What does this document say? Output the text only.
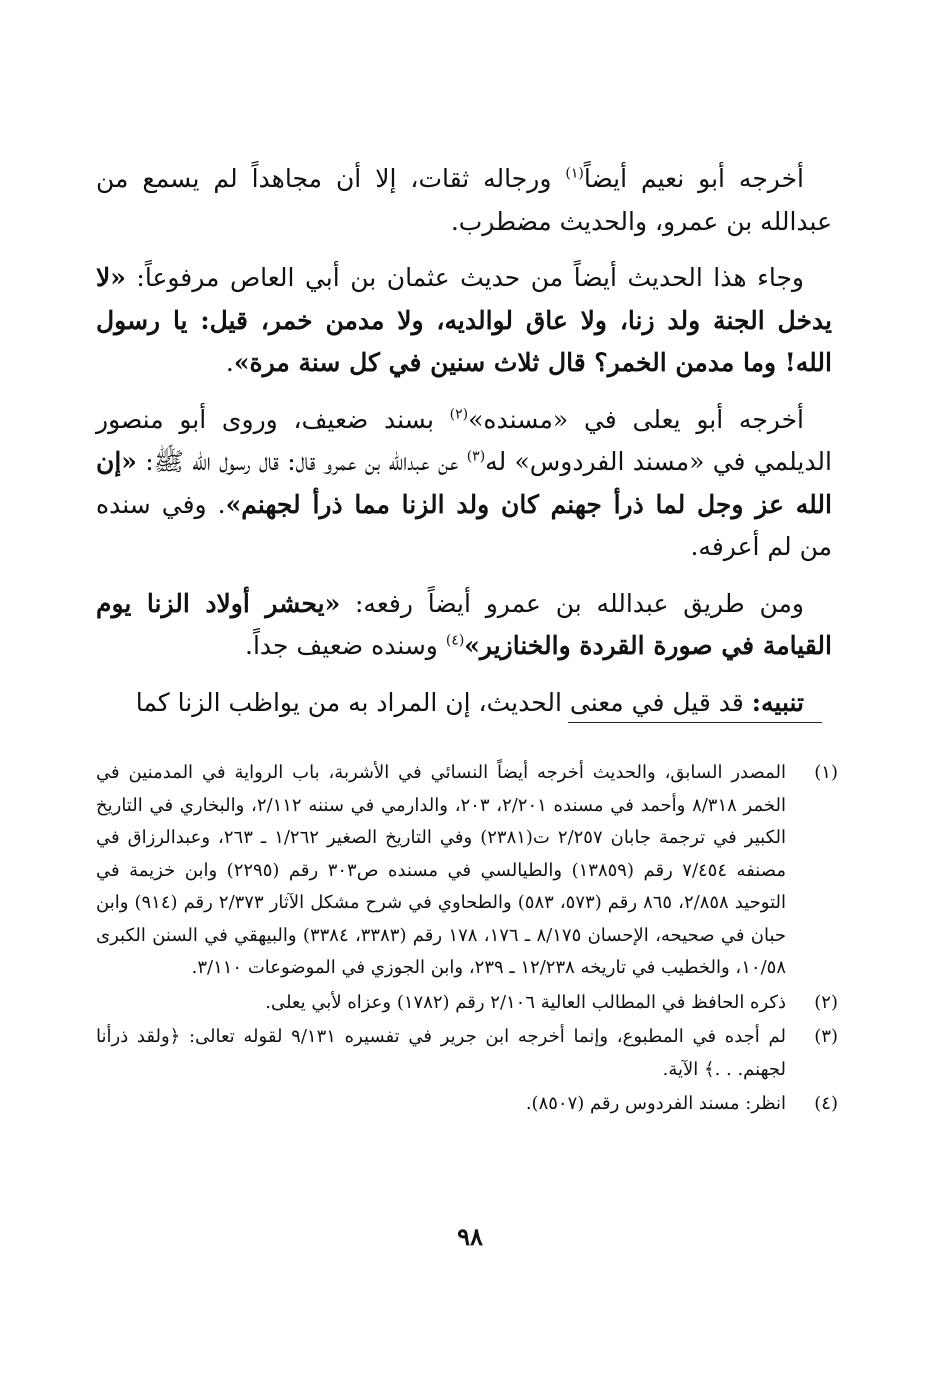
أخرجه أبو نعيم أيضاً$^{(١)}$ ورجاله ثقات، إلا أن مجاهداً لم يسمع من عبدالله بن عمرو، والحديث مضطرب.

وجاء هذا الحديث أيضاً من حديث عثمان بن أبي العاص مرفوعاً: «لا يدخل الجنة ولد زنا، ولا عاق لوالديه، ولا مدمن خمر، قيل: يا رسول الله! وما مدمن الخمر؟ قال ثلاث سنين في كل سنة مرة».

أخرجه أبو يعلى في «مسنده»$^{(٢)}$ بسند ضعيف، وروى أبو منصور الديلمي في «مسند الفردوس» له$^{(٣)}$ عن عبدالله بن عمرو قال: قال رسول الله ﷺ: «إن الله عز وجل لما ذرأ جهنم كان ولد الزنا مما ذرأ لجهنم». وفي سنده من لم أعرفه.

ومن طريق عبدالله بن عمرو أيضاً رفعه: «يحشر أولاد الزنا يوم القيامة في صورة القردة والخنازير»$^{(٤)}$ وسنده ضعيف جداً.

تنبيه: قد قيل في معنى الحديث، إن المراد به من يواظب الزنا كما

(١)
المصدر السابق، والحديث أخرجه أيضاً النسائي في الأشربة، باب الرواية في المدمنين في الخمر ٨/٣١٨ وأحمد في مسنده ٢/٢٠١، ٢٠٣، والدارمي في سننه ٢/١١٢، والبخاري في التاريخ الكبير في ترجمة جابان ٢/٢٥٧ ت(٢٣٨١) وفي التاريخ الصغير ١/٢٦٢ ـ ٢٦٣، وعبدالرزاق في مصنفه ٧/٤٥٤ رقم (١٣٨٥٩) والطيالسي في مسنده ص٣٠٣ رقم (٢٢٩٥) وابن خزيمة في التوحيد ٢/٨٥٨، ٨٦٥ رقم (٥٧٣، ٥٨٣) والطحاوي في شرح مشكل الآثار ٢/٣٧٣ رقم (٩١٤) وابن حبان في صحيحه، الإحسان ٨/١٧٥ ـ ١٧٦، ١٧٨ رقم (٣٣٨٣، ٣٣٨٤) والبيهقي في السنن الكبرى ١٠/٥٨، والخطيب في تاريخه ١٢/٢٣٨ ـ ٢٣٩، وابن الجوزي في الموضوعات ٣/١١٠.
(٢)
ذكره الحافظ في المطالب العالية ٢/١٠٦ رقم (١٧٨٢) وعزاه لأبي يعلى.
(٣)
لم أجده في المطبوع، وإنما أخرجه ابن جرير في تفسيره ٩/١٣١ لقوله تعالى: ﴿ولقد ذرأنا لجهنم. . .﴾ الآية.
(٤)
انظر: مسند الفردوس رقم (٨٥٠٧).
٩٨
